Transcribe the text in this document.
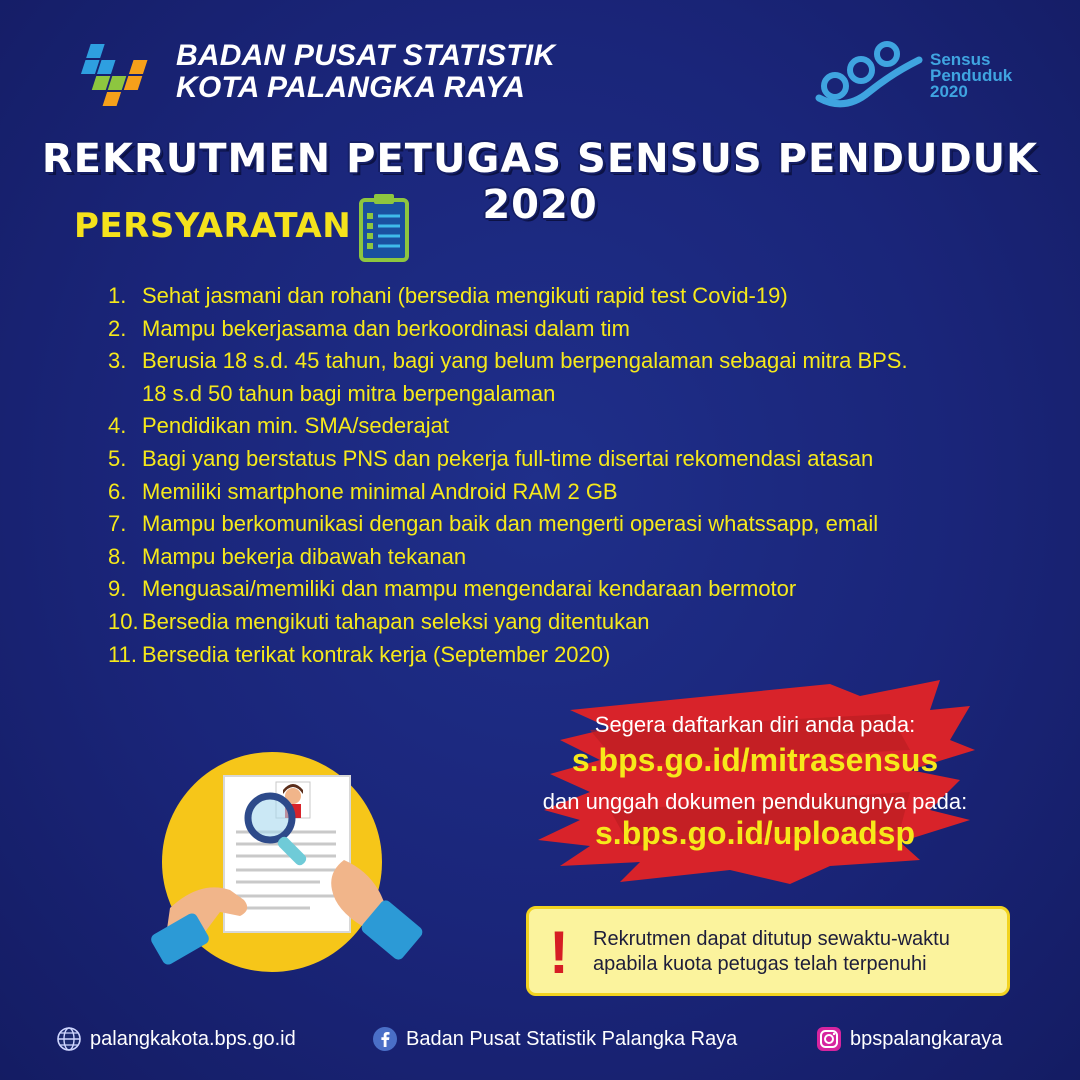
BADAN PUSAT STATISTIK
KOTA PALANGKA RAYA
Sensus
Penduduk
2020
REKRUTMEN PETUGAS SENSUS PENDUDUK 2020
PERSYARATAN
1. Sehat jasmani dan rohani (bersedia mengikuti rapid test Covid-19)
2. Mampu bekerjasama dan berkoordinasi dalam tim
3. Berusia 18 s.d. 45 tahun, bagi yang belum berpengalaman sebagai mitra BPS.
18 s.d 50 tahun bagi mitra berpengalaman
4. Pendidikan min. SMA/sederajat
5. Bagi yang berstatus PNS dan pekerja full-time disertai rekomendasi atasan
6. Memiliki smartphone minimal Android RAM 2 GB
7. Mampu berkomunikasi dengan baik dan mengerti operasi whatssapp, email
8. Mampu bekerja dibawah tekanan
9. Menguasai/memiliki dan mampu mengendarai kendaraan bermotor
10. Bersedia mengikuti tahapan seleksi yang ditentukan
11. Bersedia terikat kontrak kerja (September 2020)
Segera daftarkan diri anda pada:
s.bps.go.id/mitrasensus
dan unggah dokumen pendukungnya pada:
s.bps.go.id/uploadsp
! Rekrutmen dapat ditutup sewaktu-waktu
apabila kuota petugas telah terpenuhi
palangkakota.bps.go.id	Badan Pusat Statistik Palangka Raya	bpspalangkaraya
